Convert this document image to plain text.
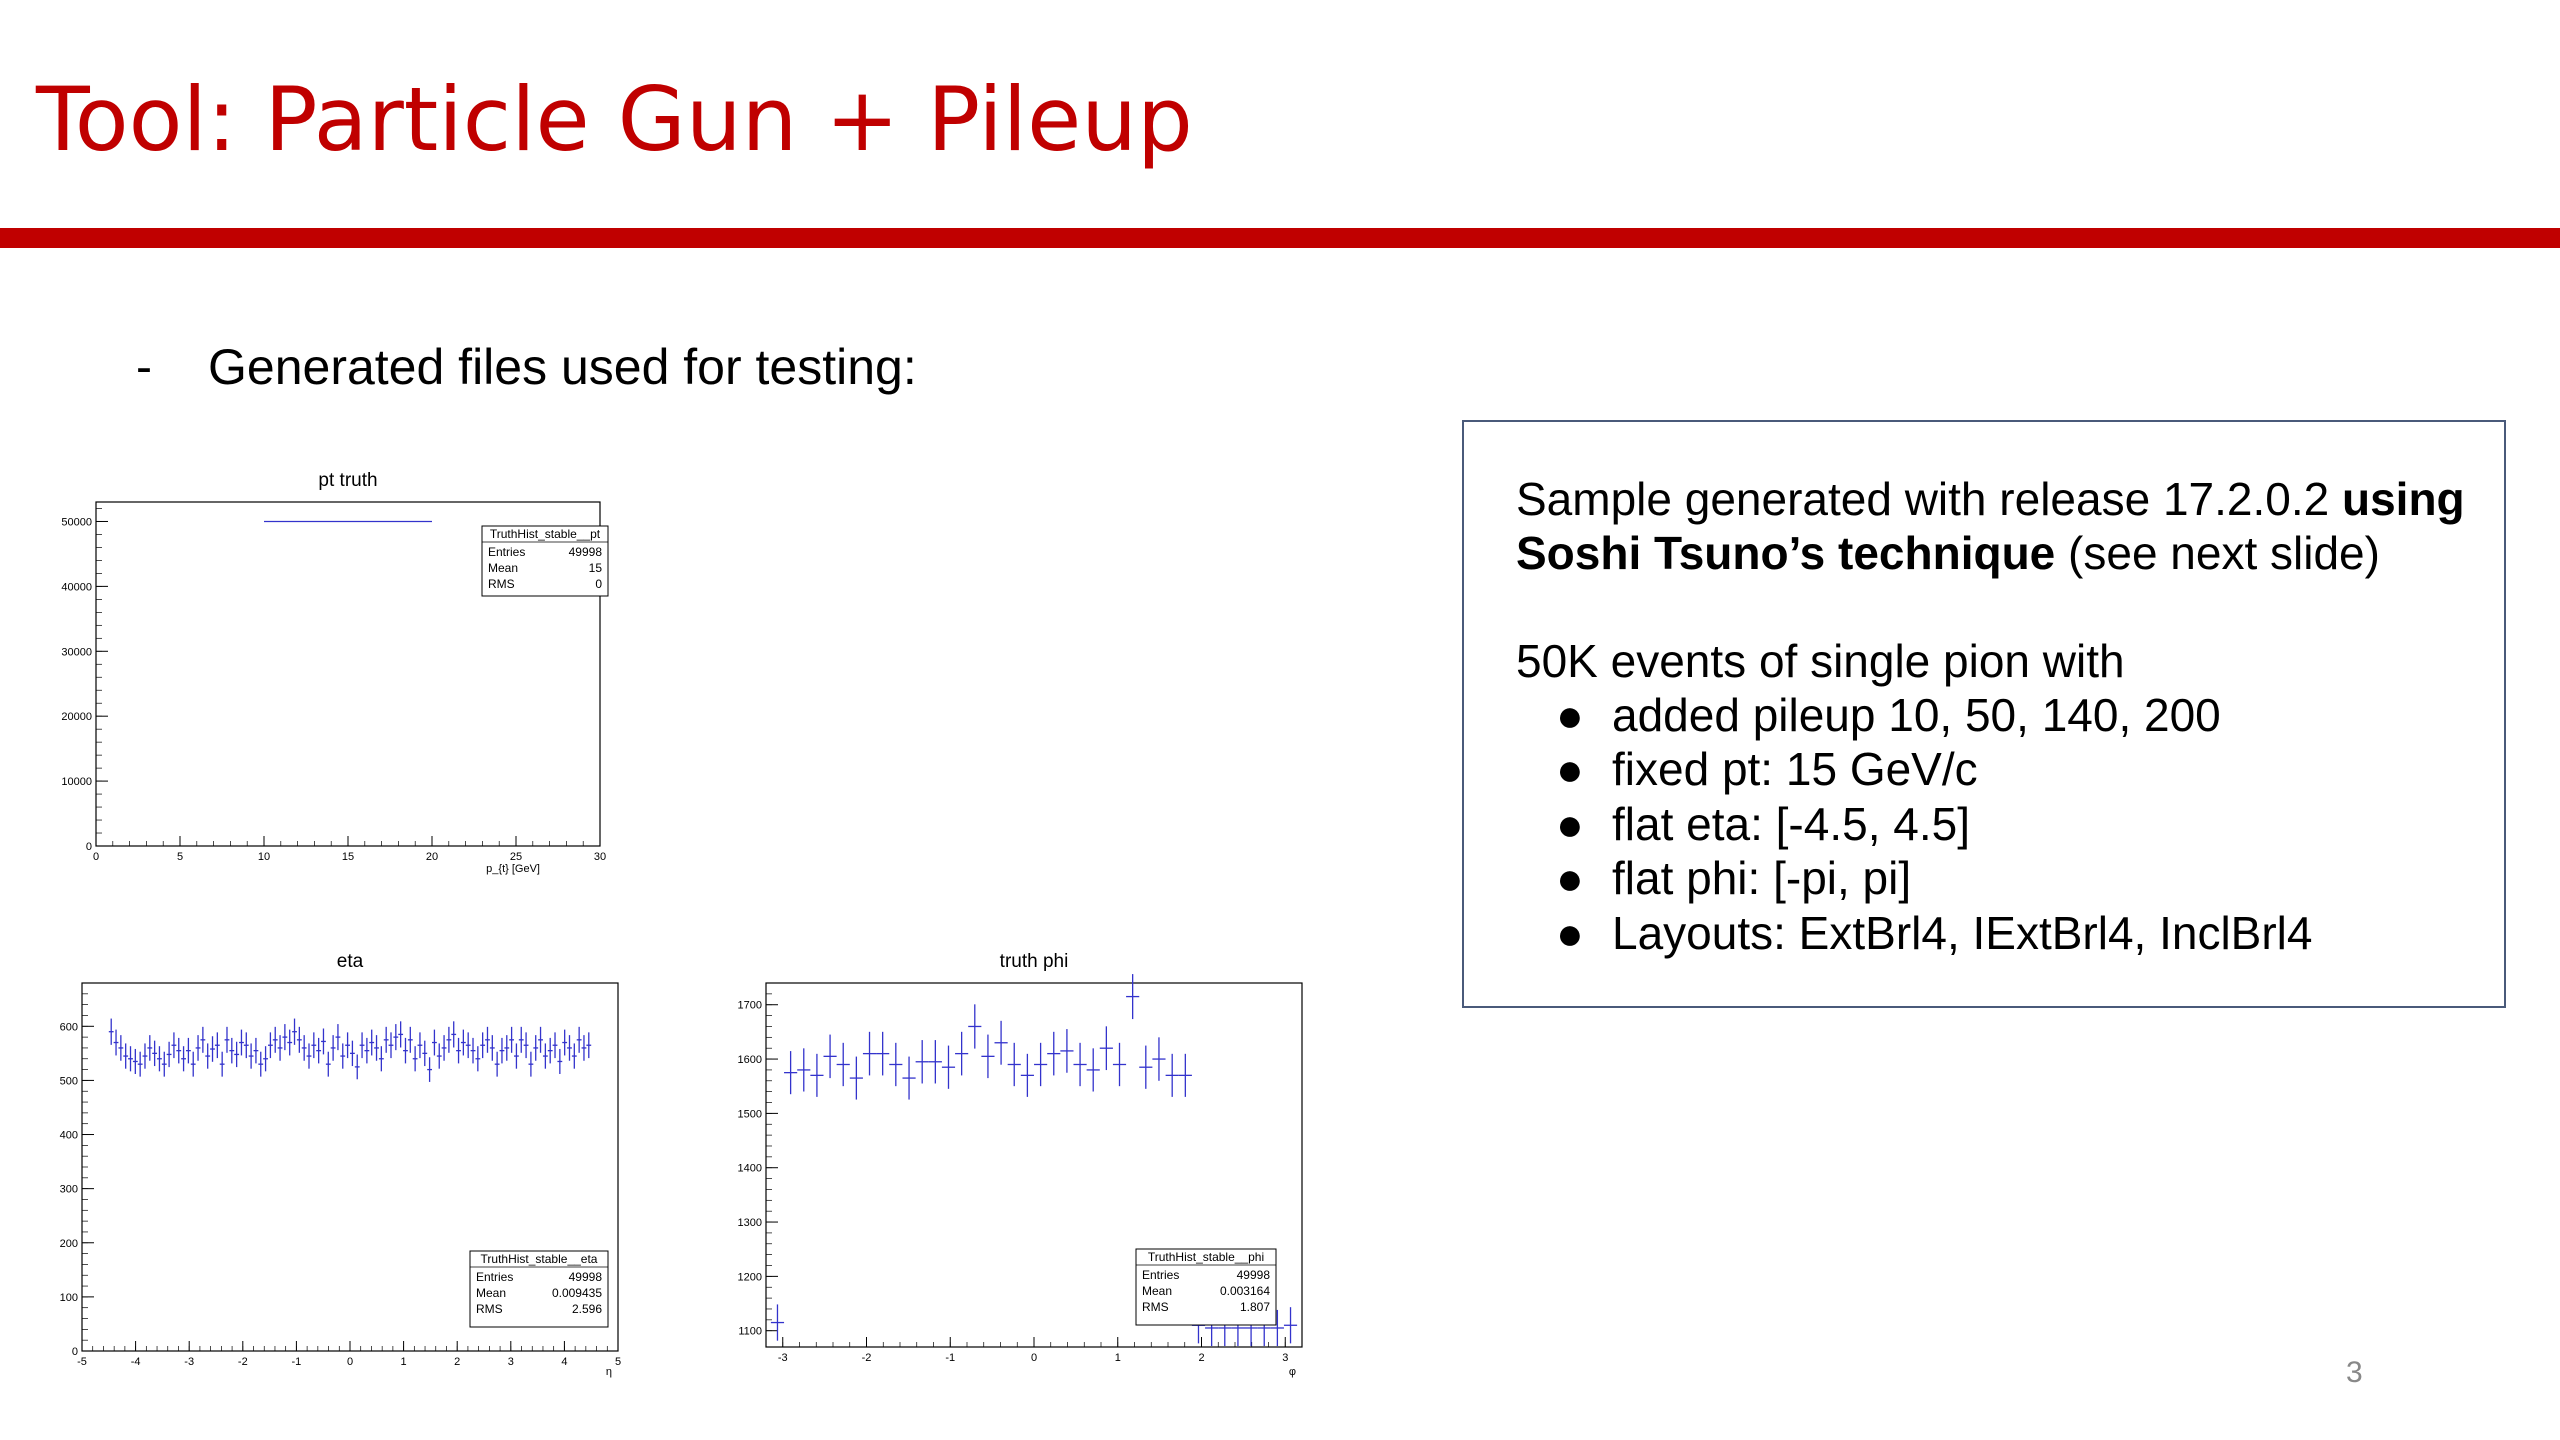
Tool: Particle Gun + Pileup
- Generated files used for testing:
pt truth
0	5	10	15	20	25	30
0
10000
20000
30000
40000
50000
p_{t} [GeV]
TruthHist_stable__pt
Entries	49998
Mean	15
RMS	0
eta
-5	-4	-3	-2	-1	0	1	2	3	4	5
0
100
200
300
400
500
600
η
TruthHist_stable__eta
Entries	49998
Mean	0.009435
RMS	2.596
truth phi
-3	-2	-1	0	1	2	3
1100
1200
1300
1400
1500
1600
1700
φ
TruthHist_stable__phi
Entries	49998
Mean	0.003164
RMS	1.807

Sample generated with release 17.2.0.2 using

Soshi Tsuno’s technique (see next slide)

50K events of single pion with

● added pileup 10, 50, 140, 200
● fixed pt: 15 GeV/c
● flat eta: [-4.5, 4.5]
● flat phi: [-pi, pi]
● Layouts: ExtBrl4, IExtBrl4, InclBrl4
3
